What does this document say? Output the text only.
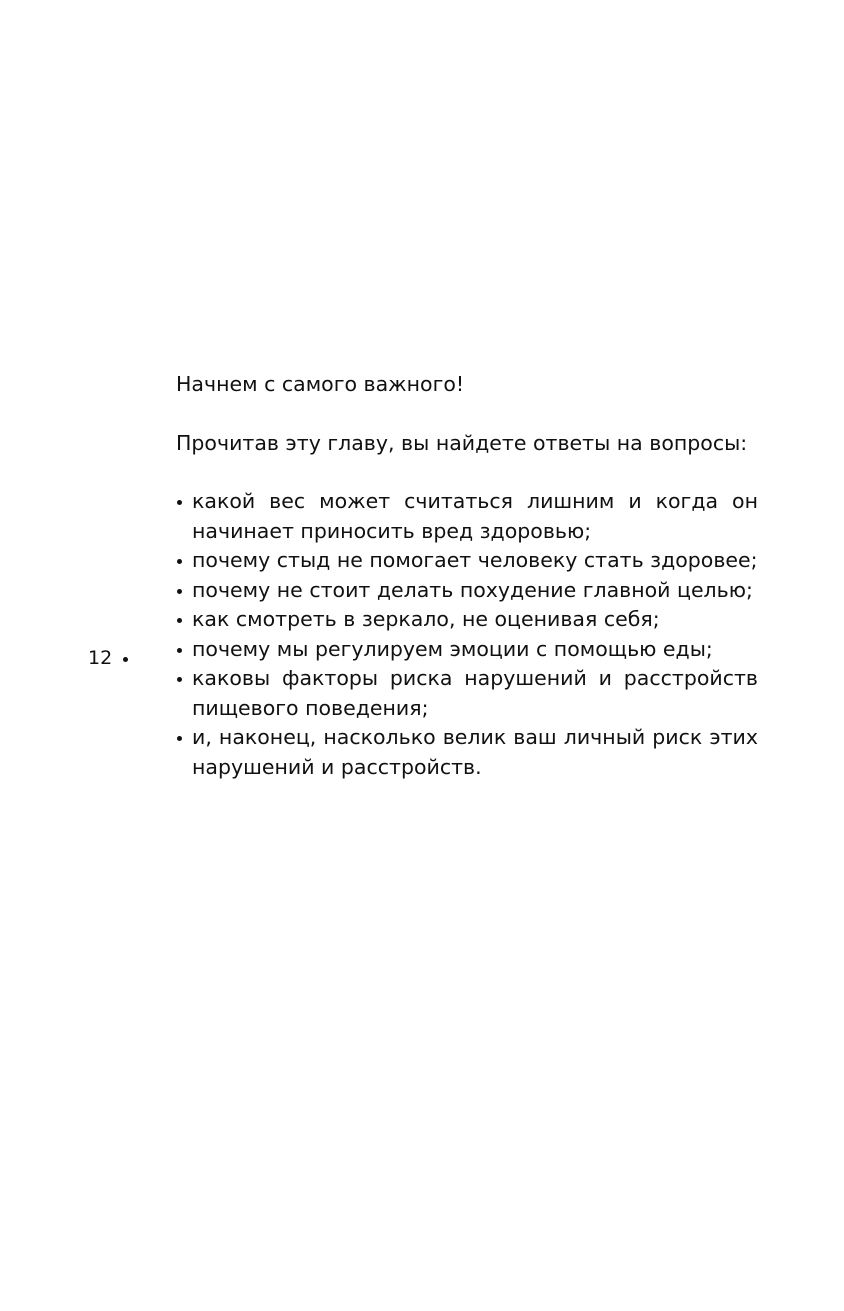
12

Начнем с самого важного!

Прочитав эту главу, вы найдете ответы на вопросы:

какой вес может считаться лишним и когда он начинает приносить вред здоровью;
почему стыд не помогает человеку стать здоровее;
почему не стоит делать похудение главной целью;
как смотреть в зеркало, не оценивая себя;
почему мы регулируем эмоции с помощью еды;
каковы факторы риска нарушений и расстройств пищевого поведения;
и, наконец, насколько велик ваш личный риск этих нарушений и расстройств.
